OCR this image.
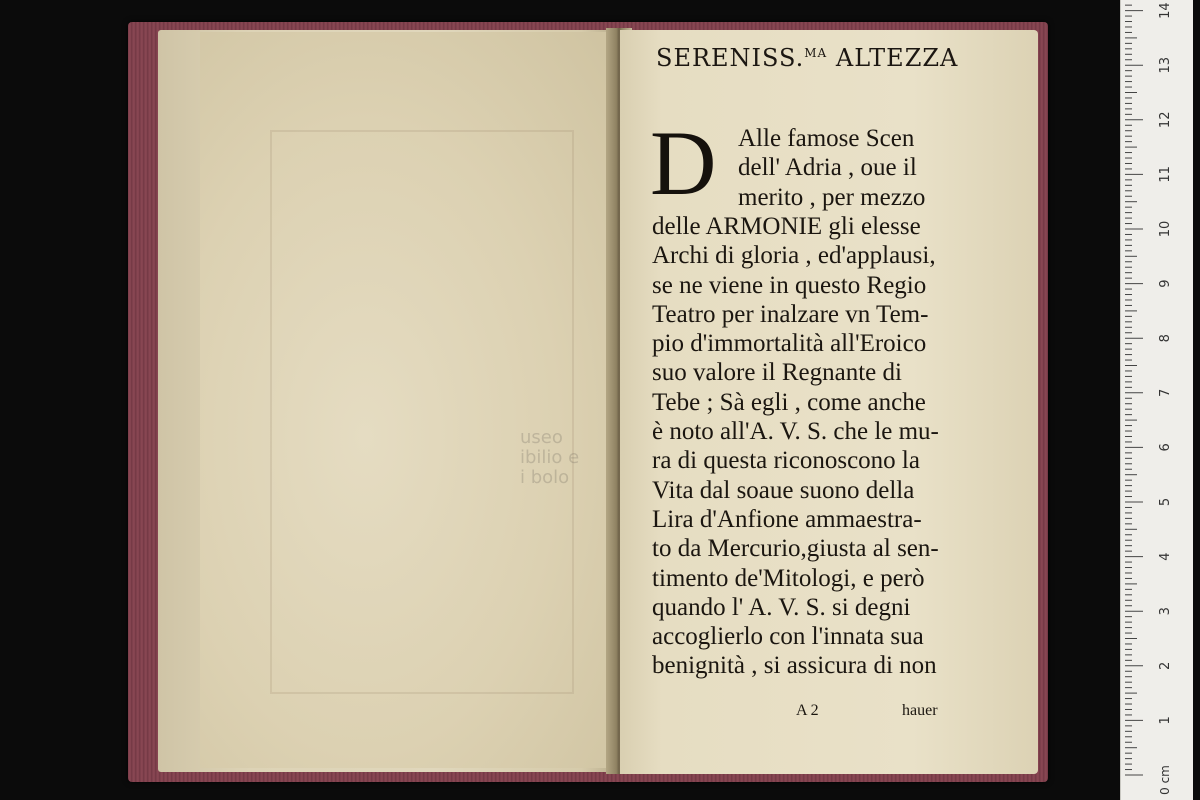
useo
ibilio e
i bolo
SERENISS.$^{MA}$ ALTEZZA
D Alle famose Scen
dell' Adria , oue il
merito , per mezzo
delle ARMONIE gli elesse
Archi di gloria , ed'applausi,
se ne viene in questo Regio
Teatro per inalzare vn Tem-
pio d'immortalità all'Eroico
suo valore il Regnante di
Tebe ; Sà egli , come anche
è noto all'A. V. S. che le mu-
ra di questa riconoscono la
Vita dal soaue suono della
Lira d'Anfione ammaestra-
to da Mercurio,giusta al sen-
timento de'Mitologi, e però
quando l' A. V. S. si degni
accoglierlo con l'innata sua
benignità , si assicura di non
A 2	hauer
1
2
3
4
5
6
7
8
9
10
11
12
13
14
0 cm
